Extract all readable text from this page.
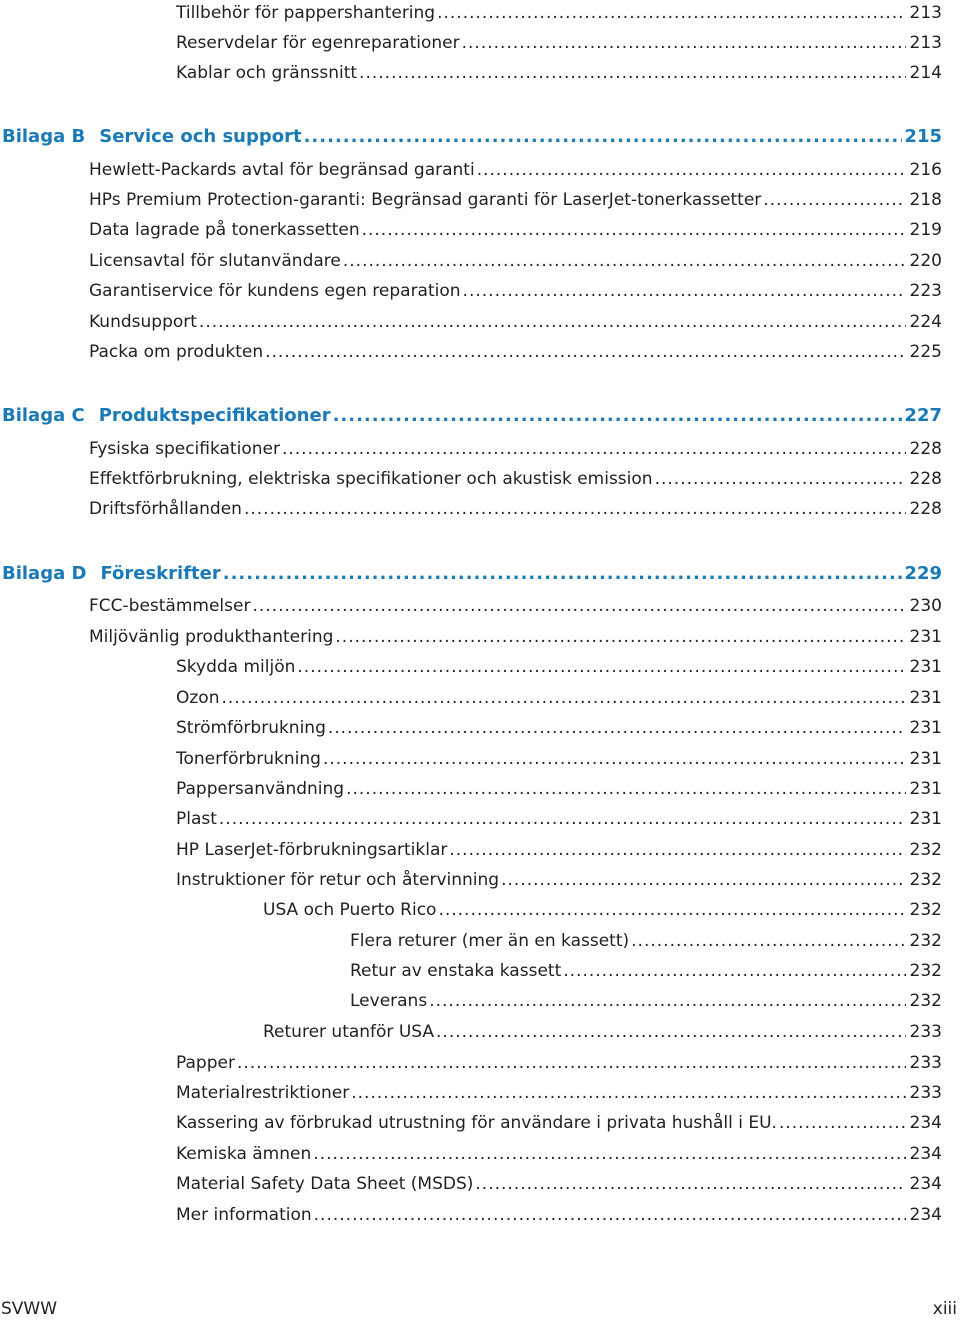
Tillbehör för pappershantering .....	213
Reservdelar för egenreparationer .....	213
Kablar och gränssnitt .....	214
Bilaga B Service och support .....	215
Hewlett-Packards avtal för begränsad garanti .....	216
HPs Premium Protection-garanti: Begränsad garanti för LaserJet-tonerkassetter .....	218
Data lagrade på tonerkassetten .....	219
Licensavtal för slutanvändare .....	220
Garantiservice för kundens egen reparation .....	223
Kundsupport .....	224
Packa om produkten .....	225
Bilaga C Produktspecifikationer .....	227
Fysiska specifikationer .....	228
Effektförbrukning, elektriska specifikationer och akustisk emission .....	228
Driftsförhållanden .....	228
Bilaga D Föreskrifter .....	229
FCC-bestämmelser .....	230
Miljövänlig produkthantering .....	231
Skydda miljön .....	231
Ozon .....	231
Strömförbrukning .....	231
Tonerförbrukning .....	231
Pappersanvändning .....	231
Plast .....	231
HP LaserJet-förbrukningsartiklar .....	232
Instruktioner för retur och återvinning .....	232
USA och Puerto Rico .....	232
Flera returer (mer än en kassett) .....	232
Retur av enstaka kassett .....	232
Leverans .....	232
Returer utanför USA .....	233
Papper .....	233
Materialrestriktioner .....	233
Kassering av förbrukad utrustning för användare i privata hushåll i EU. .....	234
Kemiska ämnen .....	234
Material Safety Data Sheet (MSDS) .....	234
Mer information .....	234
SVWW	xiii
